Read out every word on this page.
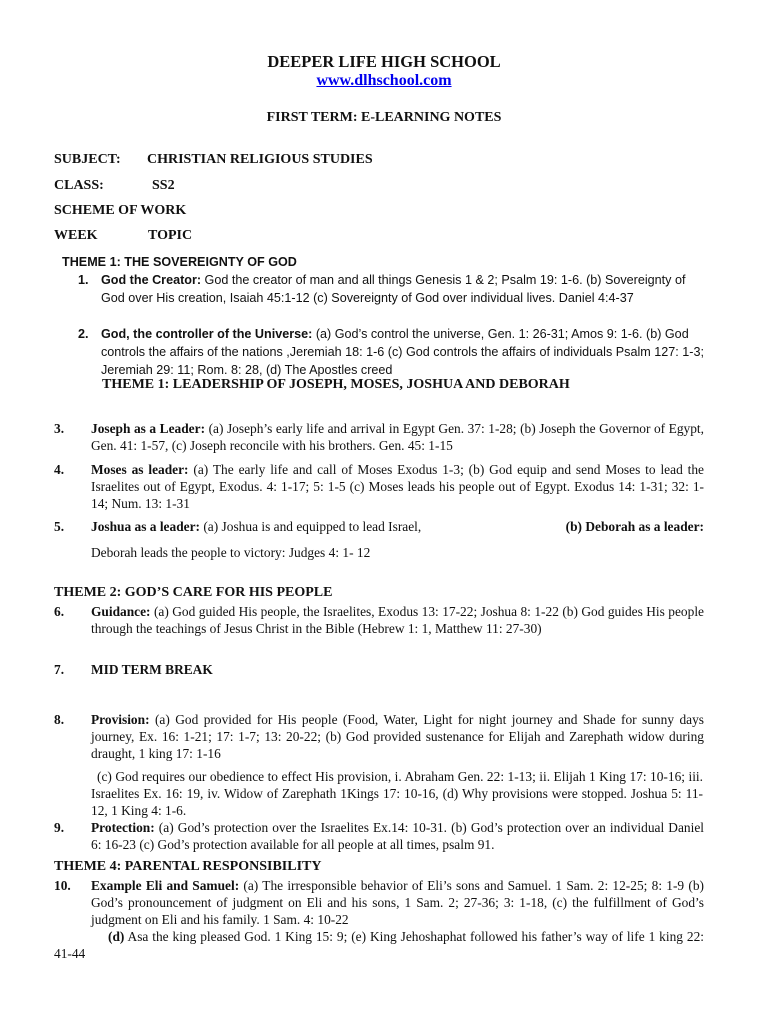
DEEPER LIFE HIGH SCHOOL
www.dlhschool.com
FIRST TERM: E-LEARNING NOTES
SUBJECT: CHRISTIAN RELIGIOUS STUDIES
CLASS:	SS2
SCHEME OF WORK
WEEK	TOPIC
THEME 1: THE SOVEREIGNTY OF GOD
1. God the Creator: God the creator of man and all things Genesis 1 & 2; Psalm 19: 1-6. (b) Sovereignty of God over His creation, Isaiah 45:1-12 (c) Sovereignty of God over individual lives. Daniel 4:4-37
2. God, the controller of the Universe: (a) God’s control the universe, Gen. 1: 26-31; Amos 9: 1-6. (b) God controls the affairs of the nations ,Jeremiah 18: 1-6 (c) God controls the affairs of individuals Psalm 127: 1-3; Jeremiah 29: 11; Rom. 8: 28, (d) The Apostles creed
THEME 1: LEADERSHIP OF JOSEPH, MOSES, JOSHUA AND DEBORAH
3. Joseph as a Leader: (a) Joseph’s early life and arrival in Egypt Gen. 37: 1-28; (b) Joseph the Governor of Egypt, Gen. 41: 1-57, (c) Joseph reconcile with his brothers. Gen. 45: 1-15
4. Moses as leader: (a) The early life and call of Moses Exodus 1-3; (b) God equip and send Moses to lead the Israelites out of Egypt, Exodus. 4: 1-17; 5: 1-5 (c) Moses leads his people out of Egypt. Exodus 14: 1-31; 32: 1-14; Num. 13: 1-31
5. Joshua as a leader: (a) Joshua is and equipped to lead Israel,	(b) Deborah as a leader:
Deborah leads the people to victory: Judges 4: 1- 12
THEME 2: GOD’S CARE FOR HIS PEOPLE
6. Guidance: (a) God guided His people, the Israelites, Exodus 13: 17-22; Joshua 8: 1-22 (b) God guides His people through the teachings of Jesus Christ in the Bible (Hebrew 1: 1, Matthew 11: 27-30)
7. MID TERM BREAK
8. Provision: (a) God provided for His people (Food, Water, Light for night journey and Shade for sunny days journey, Ex. 16: 1-21; 17: 1-7; 13: 20-22; (b) God provided sustenance for Elijah and Zarephath widow during draught, 1 king 17: 1-16
(c) God requires our obedience to effect His provision, i. Abraham Gen. 22: 1-13; ii. Elijah 1 King 17: 10-16; iii. Israelites Ex. 16: 19, iv. Widow of Zarephath 1Kings 17: 10-16, (d) Why provisions were stopped. Joshua 5: 11-12, 1 King 4: 1-6.
9. Protection: (a) God’s protection over the Israelites Ex.14: 10-31. (b) God’s protection over an individual Daniel 6: 16-23 (c) God’s protection available for all people at all times, psalm 91.
THEME 4: PARENTAL RESPONSIBILITY
10. Example Eli and Samuel: (a) The irresponsible behavior of Eli’s sons and Samuel. 1 Sam. 2: 12-25; 8: 1-9 (b) God’s pronouncement of judgment on Eli and his sons, 1 Sam. 2; 27-36; 3: 1-18, (c) the fulfillment of God’s judgment on Eli and his family. 1 Sam. 4: 10-22
(d) Asa the king pleased God. 1 King 15: 9; (e) King Jehoshaphat followed his father’s way of life 1 king 22: 41-44
